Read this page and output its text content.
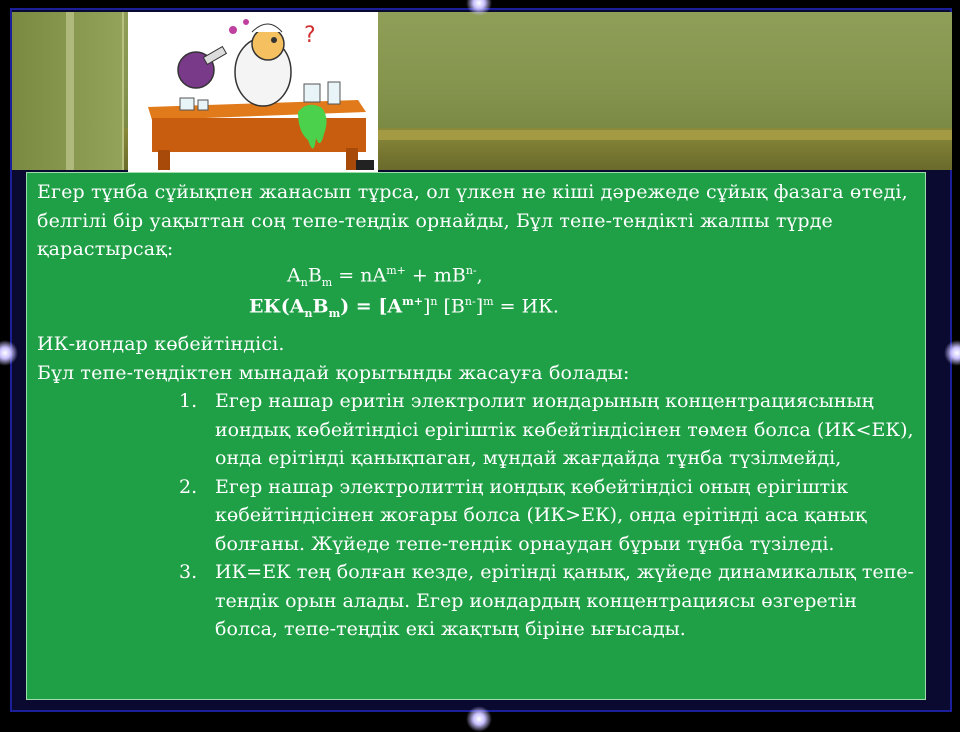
?

Егер тұнба сұйықпен жанасып тұрса, ол үлкен не кіші дәрежеде сұйық фазага өтеді, белгілі бір уақыттан соң тепе-теңдік орнайды, Бұл тепе-тендікті жалпы түрде қарастырсақ:

$A_nB_m = nA^{m+} + mB^{n-}$,
$ЕК(A_nB_m) = [A^{m+}]^n$ $[B^{n-}]^m$ = ИК.

ИК-иондар көбейтіндісі.

Бұл тепе-теңдіктен мынадай қорытынды жасауға болады:

1. Егер нашар еритін электролит иондарының концентрациясының иондық көбейтіндісі ерігіштік көбейтіндісінен төмен болса (ИК<ЕК), онда ерітінді қанықпаган, мұндай жағдайда тұнба түзілмейді,
2. Егер нашар электролиттің иондық көбейтіндісі оның ерігіштік көбейтіндісінен жоғары болса (ИК>ЕК), онда ерітінді аса қанық болғаны. Жүйеде тепе-тендік орнаудан бұрыи тұнба түзіледі.
3. ИК=ЕК тең болған кезде, ерітінді қанық, жүйеде динамикалық тепе-тендік орын алады. Егер иондардың концентрациясы өзгеретін болса, тепе-теңдік екі жақтың біріне ығысады.
